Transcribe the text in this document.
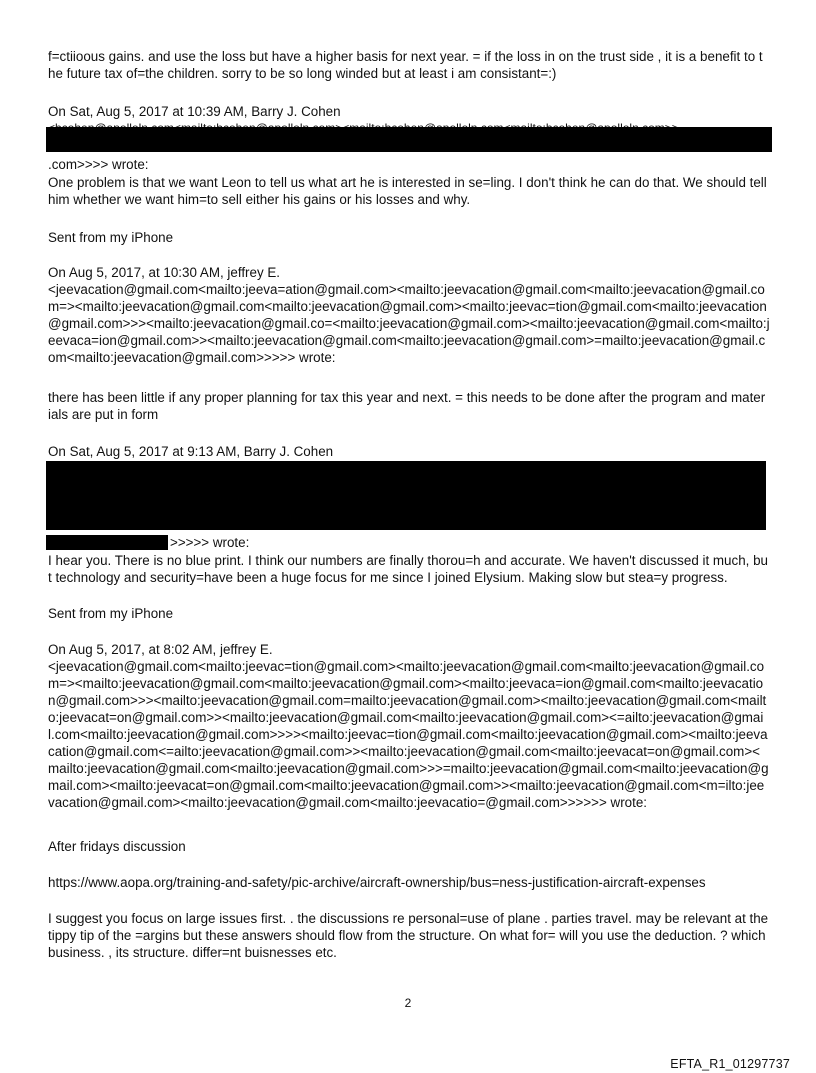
f=ctiioous gains. and use the loss but have a higher basis for next year. = if the loss in on the trust side , it is a benefit to the future tax of=the children. sorry to be so long winded but at least i am consistant=:)
On Sat, Aug 5, 2017 at 10:39 AM, Barry J. Cohen
.com>>>> wrote:
One problem is that we want Leon to tell us what art he is interested in se=ling. I don't think he can do that. We should tell him whether we want him=to sell either his gains or his losses and why.
Sent from my iPhone
On Aug 5, 2017, at 10:30 AM, jeffrey E.
<jeevacation@gmail.com<mailto:jeeva=ation@gmail.com><mailto:jeevacation@gmail.com<mailto:jeevacation@gmail.com=><mailto:jeevacation@gmail.com<mailto:jeevacation@gmail.com><mailto:jeevac=tion@gmail.com<mailto:jeevacation@gmail.com>>><mailto:jeevacation@gmail.co=<mailto:jeevacation@gmail.com><mailto:jeevacation@gmail.com<mailto:jeevaca=ion@gmail.com>><mailto:jeevacation@gmail.com<mailto:jeevacation@gmail.com>=mailto:jeevacation@gmail.com<mailto:jeevacation@gmail.com>>>>> wrote:
there has been little if any proper planning for tax this year and next. = this needs to be done after the program and materials are put in form
On Sat, Aug 5, 2017 at 9:13 AM, Barry J. Cohen
>>>>> wrote:
I hear you. There is no blue print. I think our numbers are finally thorou=h and accurate. We haven't discussed it much, but technology and security=have been a huge focus for me since I joined Elysium. Making slow but stea=y progress.
Sent from my iPhone
On Aug 5, 2017, at 8:02 AM, jeffrey E.
<jeevacation@gmail.com<mailto:jeevac=tion@gmail.com><mailto:jeevacation@gmail.com<mailto:jeevacation@gmail.com=><mailto:jeevacation@gmail.com<mailto:jeevacation@gmail.com><mailto:jeevaca=ion@gmail.com<mailto:jeevacation@gmail.com>>><mailto:jeevacation@gmail.com=mailto:jeevacation@gmail.com><mailto:jeevacation@gmail.com<mailto:jeevacat=on@gmail.com>><mailto:jeevacation@gmail.com<mailto:jeevacation@gmail.com><=ailto:jeevacation@gmail.com<mailto:jeevacation@gmail.com>>>><mailto:jeevac=tion@gmail.com<mailto:jeevacation@gmail.com><mailto:jeevacation@gmail.com<=ailto:jeevacation@gmail.com>><mailto:jeevacation@gmail.com<mailto:jeevacat=on@gmail.com><mailto:jeevacation@gmail.com<mailto:jeevacation@gmail.com>>>=mailto:jeevacation@gmail.com<mailto:jeevacation@gmail.com><mailto:jeevacat=on@gmail.com<mailto:jeevacation@gmail.com>><mailto:jeevacation@gmail.com<m=ilto:jeevacation@gmail.com><mailto:jeevacation@gmail.com<mailto:jeevacatio=@gmail.com>>>>>> wrote:
After fridays discussion
https://www.aopa.org/training-and-safety/pic-archive/aircraft-ownership/bus=ness-justification-aircraft-expenses
I suggest you focus on large issues first. . the discussions re personal=use of plane . parties travel. may be relevant at the tippy tip of the =argins but these answers should flow from the structure. On what for= will you use the deduction. ? which business. , its structure. differ=nt buisnesses etc.
2
EFTA_R1_01297737
